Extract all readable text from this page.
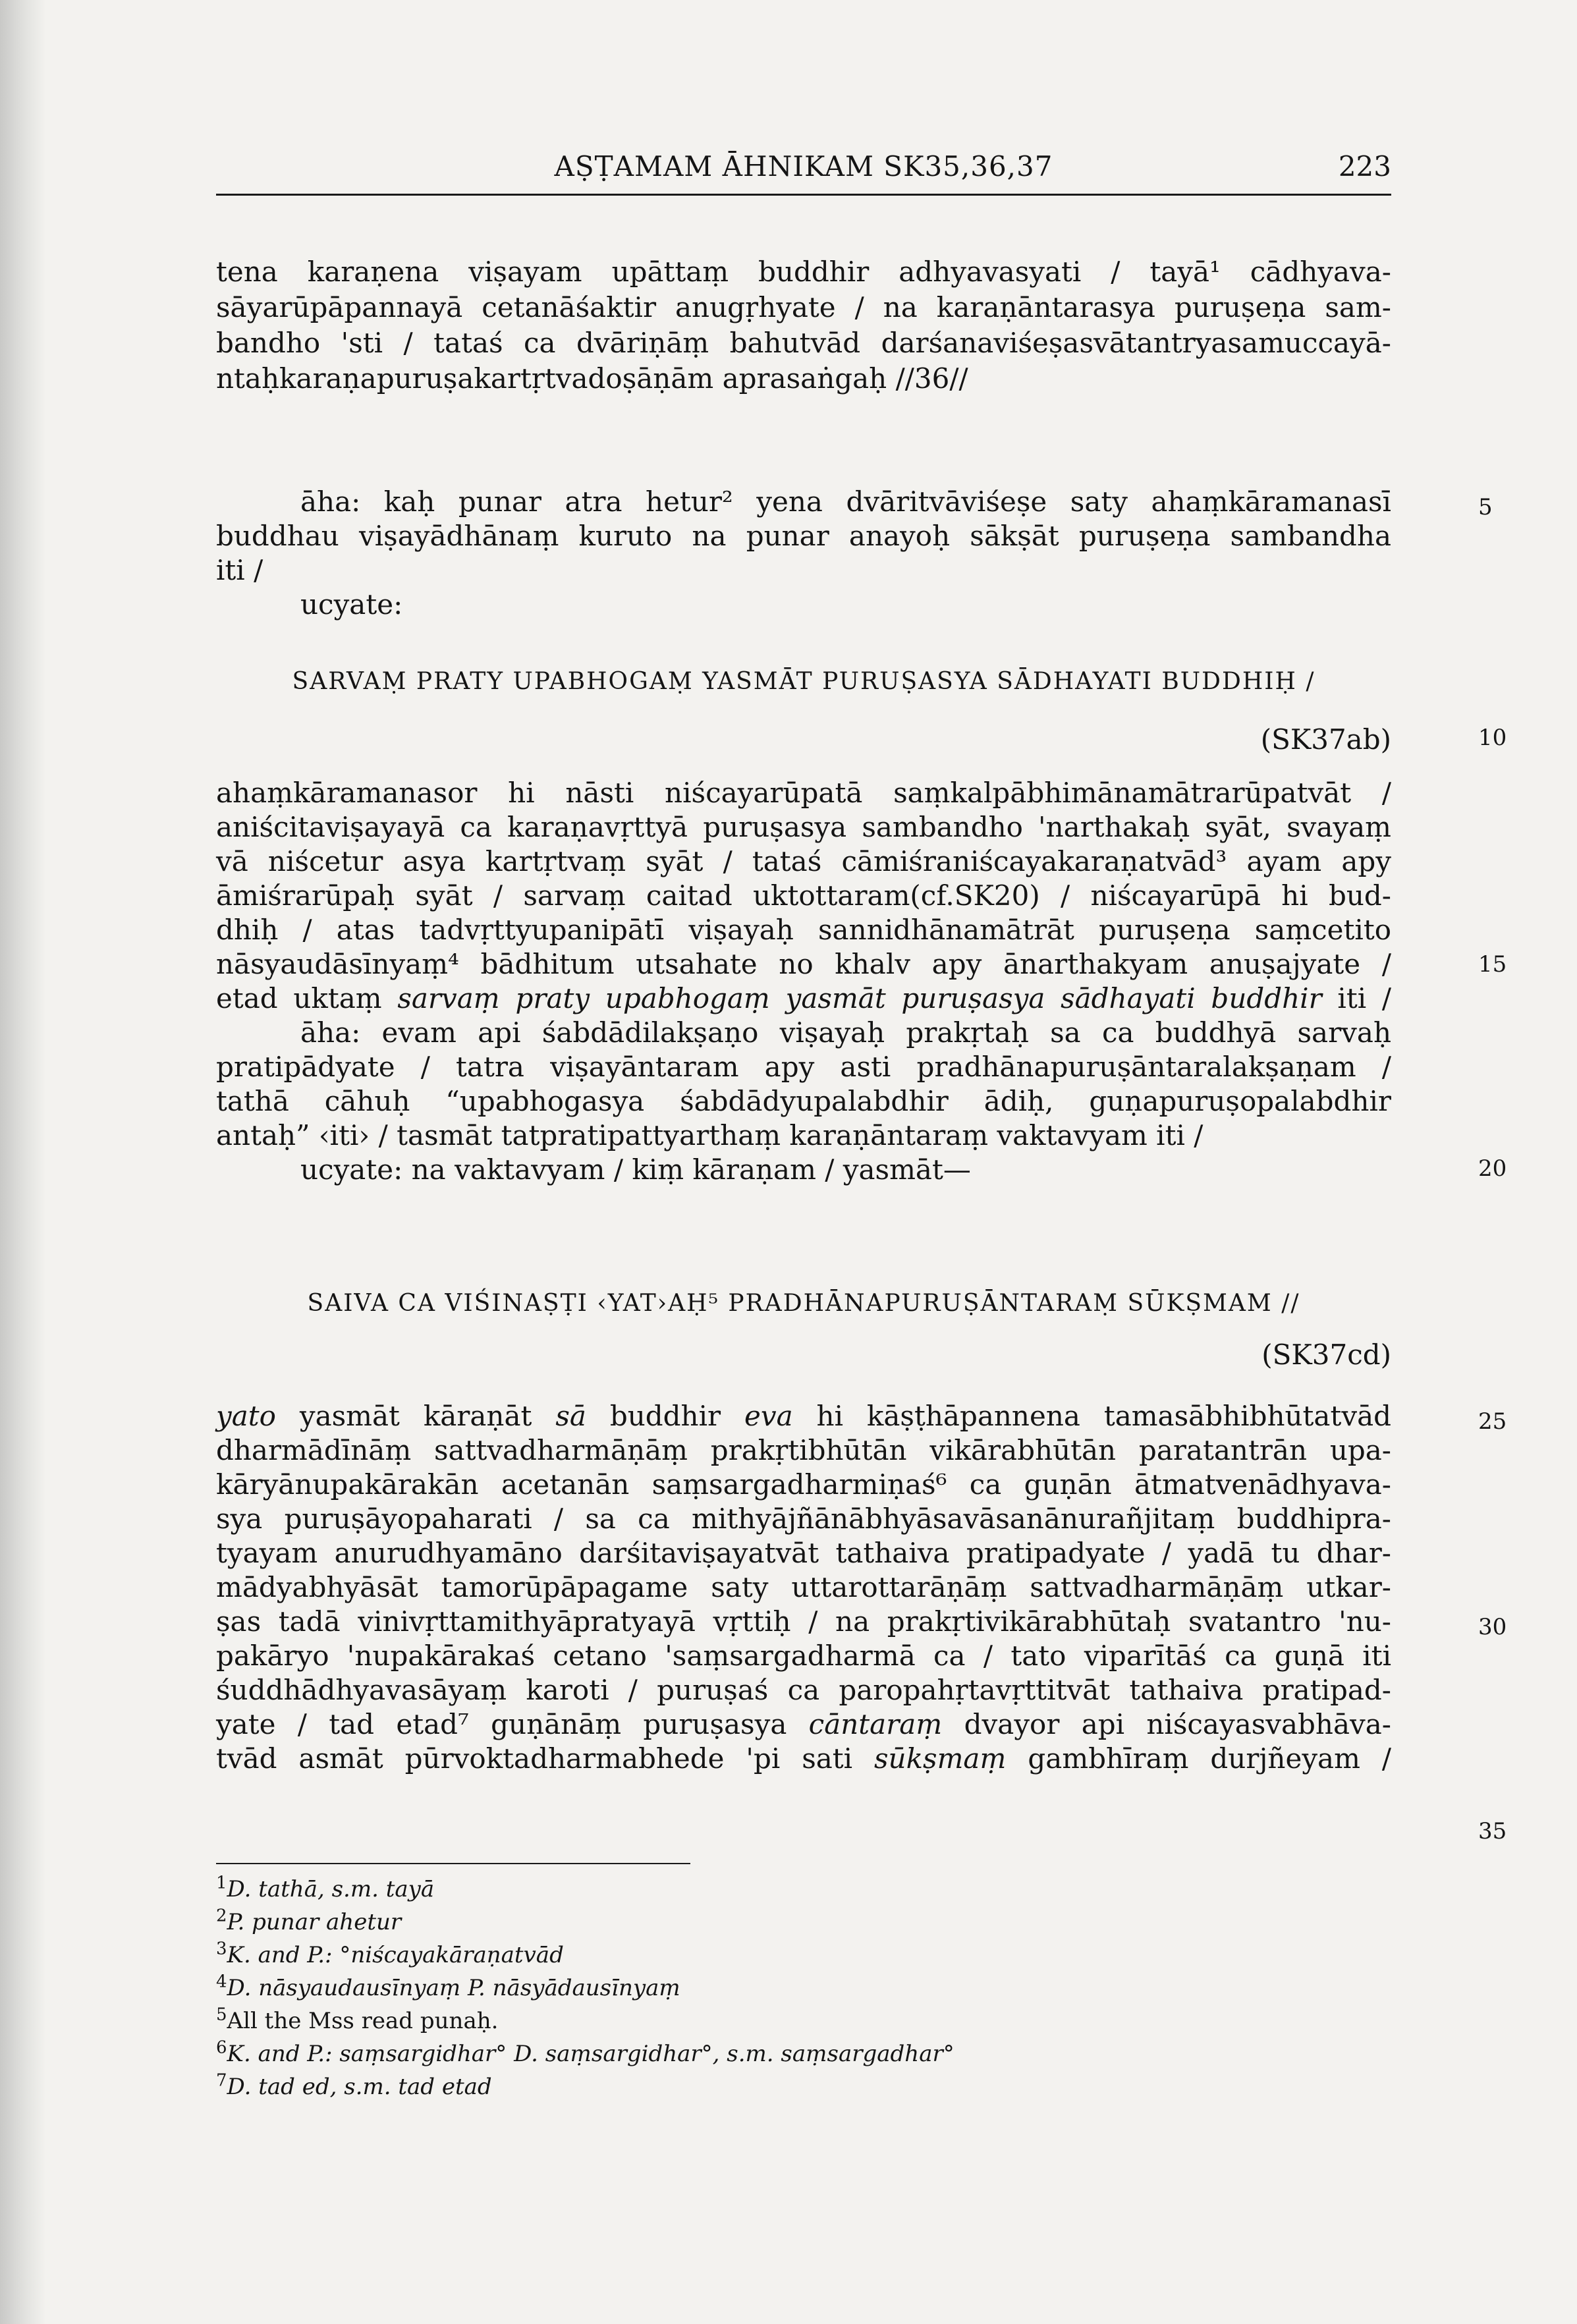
AṢṬAMAM ĀHNIKAM SK35,36,37	223
tena karaṇena viṣayam upāttaṃ buddhir adhyavasyati / tayā¹ cādhyava-
sāyarūpāpannayā cetanāśaktir anugṛhyate / na karaṇāntarasya puruṣeṇa sam-
bandho 'sti / tataś ca dvāriṇāṃ bahutvād darśanaviśeṣasvātantryasamuccayā-
ntaḥkaraṇapuruṣakartṛtvadoṣāṇām aprasaṅgaḥ //36//
āha: kaḥ punar atra hetur² yena dvāritvāviśeṣe saty ahaṃkāramanasī
buddhau viṣayādhānaṃ kuruto na punar anayoḥ sākṣāt puruṣeṇa sambandha
iti /
ucyate:
SARVAṂ PRATY UPABHOGAṂ YASMĀT PURUṢASYA SĀDHAYATI BUDDHIḤ /
(SK37ab)
ahaṃkāramanasor hi nāsti niścayarūpatā saṃkalpābhimānamātrarūpatvāt /
aniścitaviṣayayā ca karaṇavṛttyā puruṣasya sambandho 'narthakaḥ syāt, svayaṃ
vā niścetur asya kartṛtvaṃ syāt / tataś cāmiśraniścayakaraṇatvād³ ayam apy
āmiśrarūpaḥ syāt / sarvaṃ caitad uktottaram(cf.SK20) / niścayarūpā hi bud-
dhiḥ / atas tadvṛttyupanipātī viṣayaḥ sannidhānamātrāt puruṣeṇa saṃcetito
nāsyaudāsīnyaṃ⁴ bādhitum utsahate no khalv apy ānarthakyam anuṣajyate /
etad uktaṃ sarvaṃ praty upabhogaṃ yasmāt puruṣasya sādhayati buddhir iti /
āha: evam api śabdādilakṣaṇo viṣayaḥ prakṛtaḥ sa ca buddhyā sarvaḥ
pratipādyate / tatra viṣayāntaram apy asti pradhānapuruṣāntaralakṣaṇam /
tathā cāhuḥ “upabhogasya śabdādyupalabdhir ādiḥ, guṇapuruṣopalabdhir
antaḥ” ‹iti› / tasmāt tatpratipattyarthaṃ karaṇāntaraṃ vaktavyam iti /
ucyate: na vaktavyam / kiṃ kāraṇam / yasmāt—
SAIVA CA VIŚINAṢṬI ‹YAT›AḤ⁵ PRADHĀNAPURUṢĀNTARAṂ SŪKṢMAM //
(SK37cd)
yato yasmāt kāraṇāt sā buddhir eva hi kāṣṭhāpannena tamasābhibhūtatvād
dharmādīnāṃ sattvadharmāṇāṃ prakṛtibhūtān vikārabhūtān paratantrān upa-
kāryānupakārakān acetanān saṃsargadharmiṇaś⁶ ca guṇān ātmatvenādhyava-
sya puruṣāyopaharati / sa ca mithyājñānābhyāsavāsanānurañjitaṃ buddhipra-
tyayam anurudhyamāno darśitaviṣayatvāt tathaiva pratipadyate / yadā tu dhar-
mādyabhyāsāt tamorūpāpagame saty uttarottarāṇāṃ sattvadharmāṇāṃ utkar-
ṣas tadā vinivṛttamithyāpratyayā vṛttiḥ / na prakṛtivikārabhūtaḥ svatantro 'nu-
pakāryo 'nupakārakaś cetano 'saṃsargadharmā ca / tato viparītāś ca guṇā iti
śuddhādhyavasāyaṃ karoti / puruṣaś ca paropahṛtavṛttitvāt tathaiva pratipad-
yate / tad etad⁷ guṇānāṃ puruṣasya cāntaraṃ dvayor api niścayasvabhāva-
tvād asmāt pūrvoktadharmabhede 'pi sati sūkṣmaṃ gambhīraṃ durjñeyam /
5
10
15
20
25
30
35
$^1$D. tathā, s.m. tayā
$^2$P. punar ahetur
$^3$K. and P.: °niścayakāraṇatvād
$^4$D. nāsyaudausīnyaṃ P. nāsyādausīnyaṃ
$^5$All the Mss read punaḥ.
$^6$K. and P.: saṃsargidhar° D. saṃsargidhar°, s.m. saṃsargadhar°
$^7$D. tad ed, s.m. tad etad
